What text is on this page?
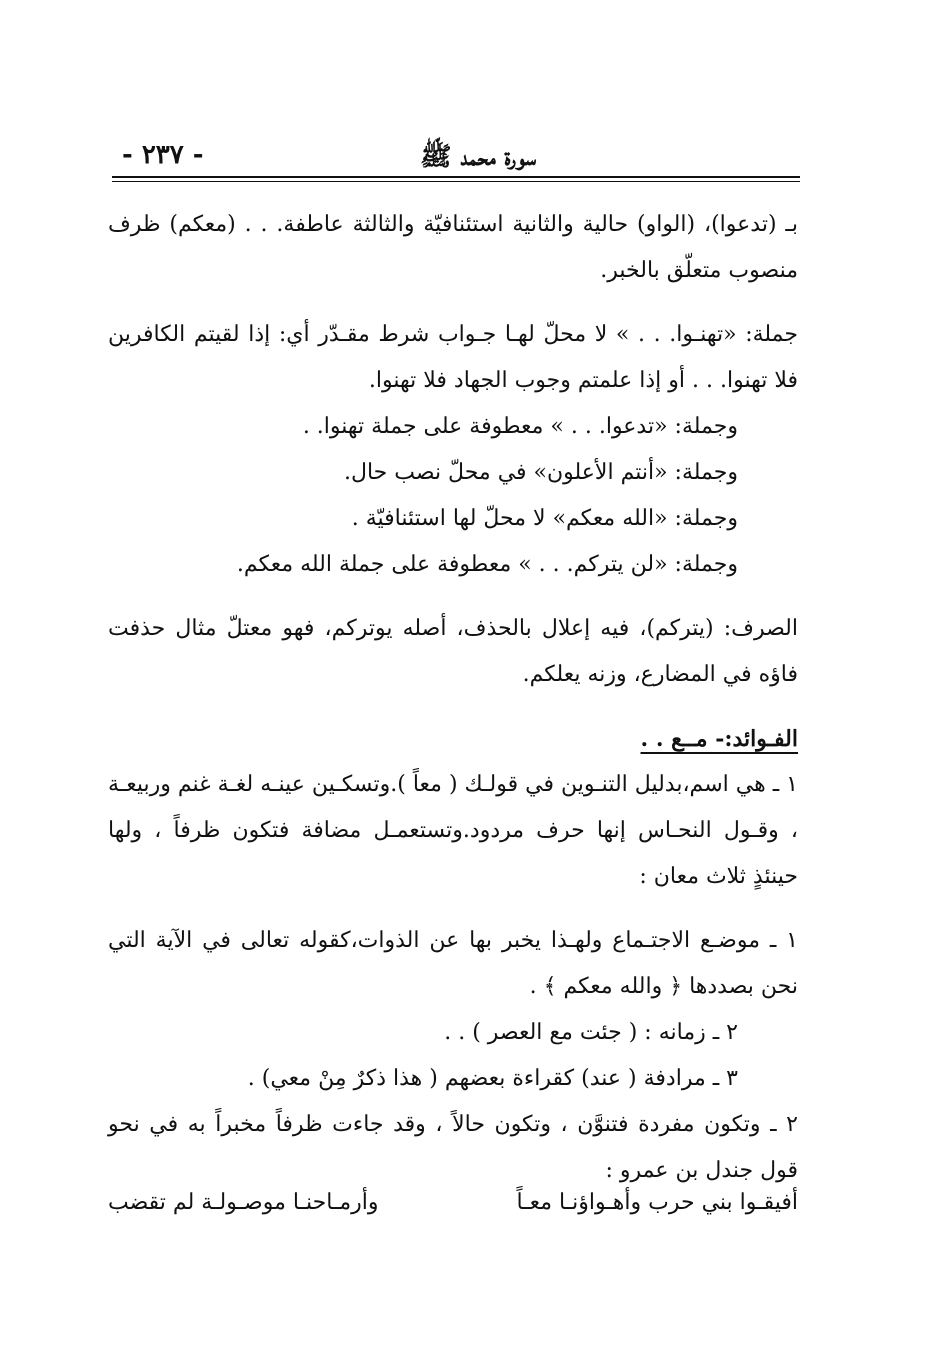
- ٢٣٧ -	سورة محمد ﷺ

بـ (تدعوا)، (الواو) حالية والثانية استئنافيّة والثالثة عاطفة. . . (معكم) ظرف منصوب متعلّق بالخبر.

جملة: «تهنـوا. . . » لا محلّ لهـا جـواب شرط مقـدّر أي: إذا لقيتم الكافرين فلا تهنوا. . . أو إذا علمتم وجوب الجهاد فلا تهنوا.

وجملة: «تدعوا. . . » معطوفة على جملة تهنوا. .

وجملة: «أنتم الأعلون» في محلّ نصب حال.

وجملة: «الله معكم» لا محلّ لها استئنافيّة .

وجملة: «لن يتركم. . . » معطوفة على جملة الله معكم.

الصرف: (يتركم)، فيه إعلال بالحذف، أصله يوتركم، فهو معتلّ مثال حذفت فاؤه في المضارع، وزنه يعلكم.

الفـوائد:- مــع . .

١ ـ هي اسم،بدليل التنـوين في قولـك ( معاً ).وتسكـين عينـه لغـة غنم وربيعـة ، وقـول النحـاس إنها حرف مردود.وتستعمـل مضافة فتكون ظرفاً ، ولها حينئذٍ ثلاث معان :

١ ـ موضـع الاجتـماع ولهـذا يخبر بها عن الذوات،كقوله تعالى في الآية التي نحن بصددها ﴿ والله معكم ﴾ .

٢ ـ زمانه : ( جئت مع العصر ) . .

٣ ـ مرادفة ( عند) كقراءة بعضهم ( هذا ذكرٌ مِنْ معي) .

٢ ـ وتكون مفردة فتنوَّن ، وتكون حالاً ، وقد جاءت ظرفاً مخبراً به في نحو قول جندل بن عمرو :

أفيقـوا بني حرب وأهـواؤنـا معـاً
وأرمـاحنـا موصـولـة لم تقضب
